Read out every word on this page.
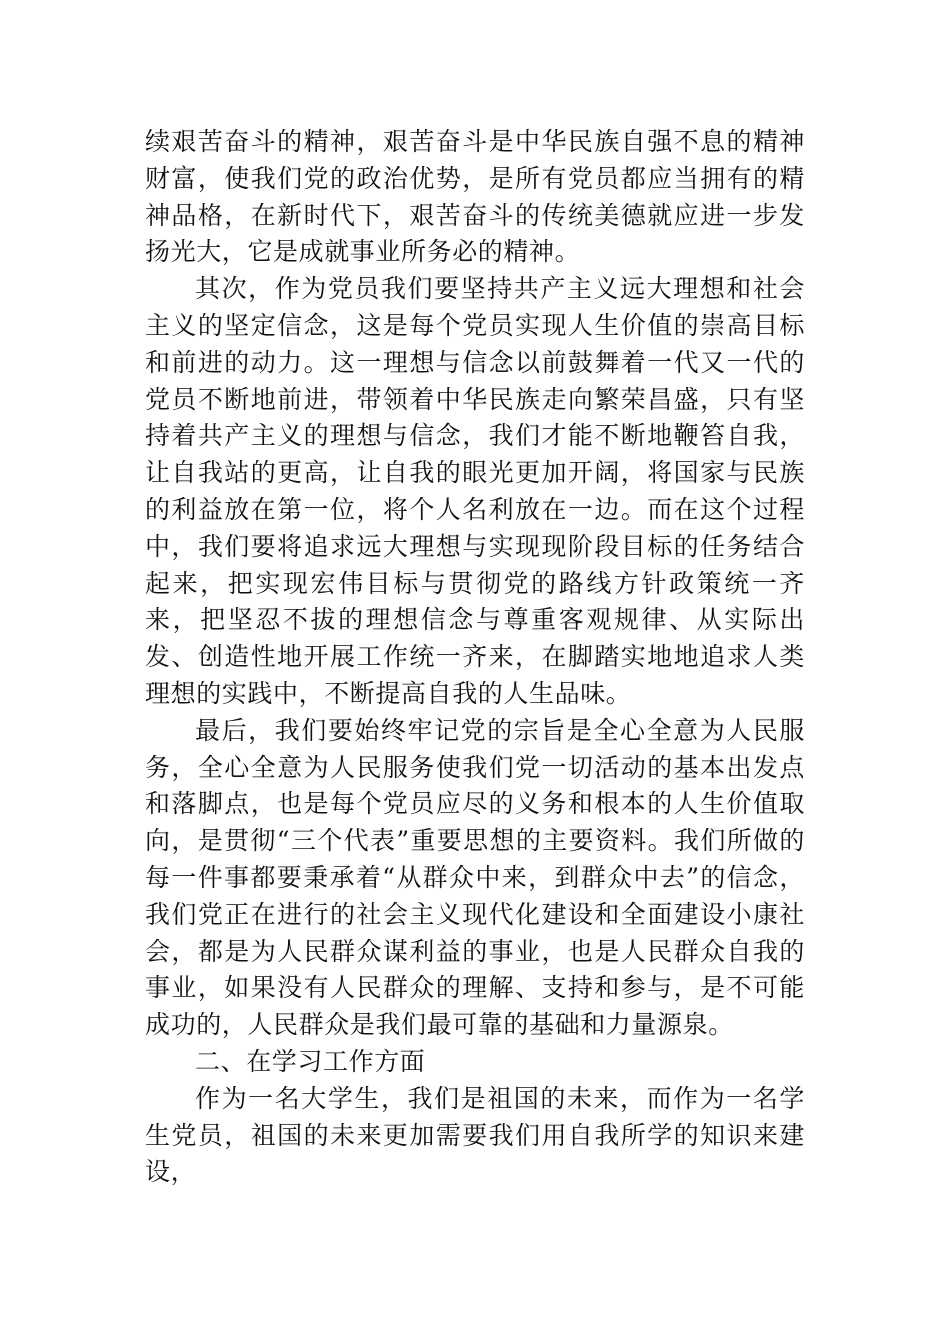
续艰苦奋斗的精神，艰苦奋斗是中华民族自强不息的精神财富，使我们党的政治优势，是所有党员都应当拥有的精神品格，在新时代下，艰苦奋斗的传统美德就应进一步发扬光大，它是成就事业所务必的精神。

其次，作为党员我们要坚持共产主义远大理想和社会主义的坚定信念，这是每个党员实现人生价值的崇高目标和前进的动力。这一理想与信念以前鼓舞着一代又一代的党员不断地前进，带领着中华民族走向繁荣昌盛，只有坚持着共产主义的理想与信念，我们才能不断地鞭笞自我，让自我站的更高，让自我的眼光更加开阔，将国家与民族的利益放在第一位，将个人名利放在一边。而在这个过程中，我们要将追求远大理想与实现现阶段目标的任务结合起来，把实现宏伟目标与贯彻党的路线方针政策统一齐来，把坚忍不拔的理想信念与尊重客观规律、从实际出发、创造性地开展工作统一齐来，在脚踏实地地追求人类理想的实践中，不断提高自我的人生品味。

最后，我们要始终牢记党的宗旨是全心全意为人民服务，全心全意为人民服务使我们党一切活动的基本出发点和落脚点，也是每个党员应尽的义务和根本的人生价值取向，是贯彻“三个代表”重要思想的主要资料。我们所做的每一件事都要秉承着“从群众中来，到群众中去”的信念，我们党正在进行的社会主义现代化建设和全面建设小康社会，都是为人民群众谋利益的事业，也是人民群众自我的事业，如果没有人民群众的理解、支持和参与，是不可能成功的，人民群众是我们最可靠的基础和力量源泉。

二、在学习工作方面

作为一名大学生，我们是祖国的未来，而作为一名学生党员，祖国的未来更加需要我们用自我所学的知识来建设，
